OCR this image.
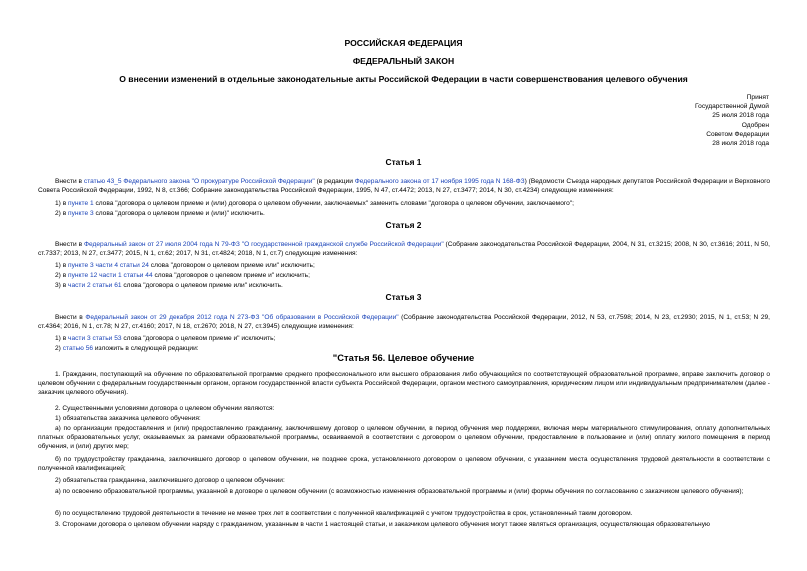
РОССИЙСКАЯ ФЕДЕРАЦИЯ
ФЕДЕРАЛЬНЫЙ ЗАКОН
О внесении изменений в отдельные законодательные акты Российской Федерации в части совершенствования целевого обучения
Принят
Государственной Думой
25 июля 2018 года
Одобрен
Советом Федерации
28 июля 2018 года
Статья 1
Внести в статью 43_5 Федерального закона "О прокуратуре Российской Федерации" (в редакции Федерального закона от 17 ноября 1995 года N 168-ФЗ) (Ведомости Съезда народных депутатов Российской Федерации и Верховного Совета Российской Федерации, 1992, N 8, ст.366; Собрание законодательства Российской Федерации, 1995, N 47, ст.4472; 2013, N 27, ст.3477; 2014, N 30, ст.4234) следующие изменения:
1) в пункте 1 слова "договора о целевом приеме и (или) договора о целевом обучении, заключаемых" заменить словами "договора о целевом обучении, заключаемого";
2) в пункте 3 слова "договора о целевом приеме и (или)" исключить.
Статья 2
Внести в Федеральный закон от 27 июля 2004 года N 79-ФЗ "О государственной гражданской службе Российской Федерации" (Собрание законодательства Российской Федерации, 2004, N 31, ст.3215; 2008, N 30, ст.3616; 2011, N 50, ст.7337; 2013, N 27, ст.3477; 2015, N 1, ст.62; 2017, N 31, ст.4824; 2018, N 1, ст.7) следующие изменения:
1) в пункте 3 части 4 статьи 24 слова "договором о целевом приеме или" исключить;
2) в пункте 12 части 1 статьи 44 слова "договоров о целевом приеме и" исключить;
3) в части 2 статьи 61 слова "договора о целевом приеме или" исключить.
Статья 3
Внести в Федеральный закон от 29 декабря 2012 года N 273-ФЗ "Об образовании в Российской Федерации" (Собрание законодательства Российской Федерации, 2012, N 53, ст.7598; 2014, N 23, ст.2930; 2015, N 1, ст.53; N 29, ст.4364; 2016, N 1, ст.78; N 27, ст.4160; 2017, N 18, ст.2670; 2018, N 27, ст.3945) следующие изменения:
1) в части 3 статьи 53 слова "договора о целевом приеме и" исключить;
2) статью 56 изложить в следующей редакции:
"Статья 56. Целевое обучение
1. Гражданин, поступающий на обучение по образовательной программе среднего профессионального или высшего образования либо обучающийся по соответствующей образовательной программе, вправе заключить договор о целевом обучении с федеральным государственным органом, органом государственной власти субъекта Российской Федерации, органом местного самоуправления, юридическим лицом или индивидуальным предпринимателем (далее - заказчик целевого обучения).
2. Существенными условиями договора о целевом обучении являются:
1) обязательства заказчика целевого обучения:
а) по организации предоставления и (или) предоставлению гражданину, заключившему договор о целевом обучении, в период обучения мер поддержки, включая меры материального стимулирования, оплату дополнительных платных образовательных услуг, оказываемых за рамками образовательной программы, осваиваемой в соответствии с договором о целевом обучении, предоставление в пользование и (или) оплату жилого помещения в период обучения, и (или) других мер;
б) по трудоустройству гражданина, заключившего договор о целевом обучении, не позднее срока, установленного договором о целевом обучении, с указанием места осуществления трудовой деятельности в соответствии с полученной квалификацией;
2) обязательства гражданина, заключившего договор о целевом обучении:
а) по освоению образовательной программы, указанной в договоре о целевом обучении (с возможностью изменения образовательной программы и (или) формы обучения по согласованию с заказчиком целевого обучения);
б) по осуществлению трудовой деятельности в течение не менее трех лет в соответствии с полученной квалификацией с учетом трудоустройства в срок, установленный таким договором.
3. Сторонами договора о целевом обучении наряду с гражданином, указанным в части 1 настоящей статьи, и заказчиком целевого обучения могут также являться организация, осуществляющая образовательную
